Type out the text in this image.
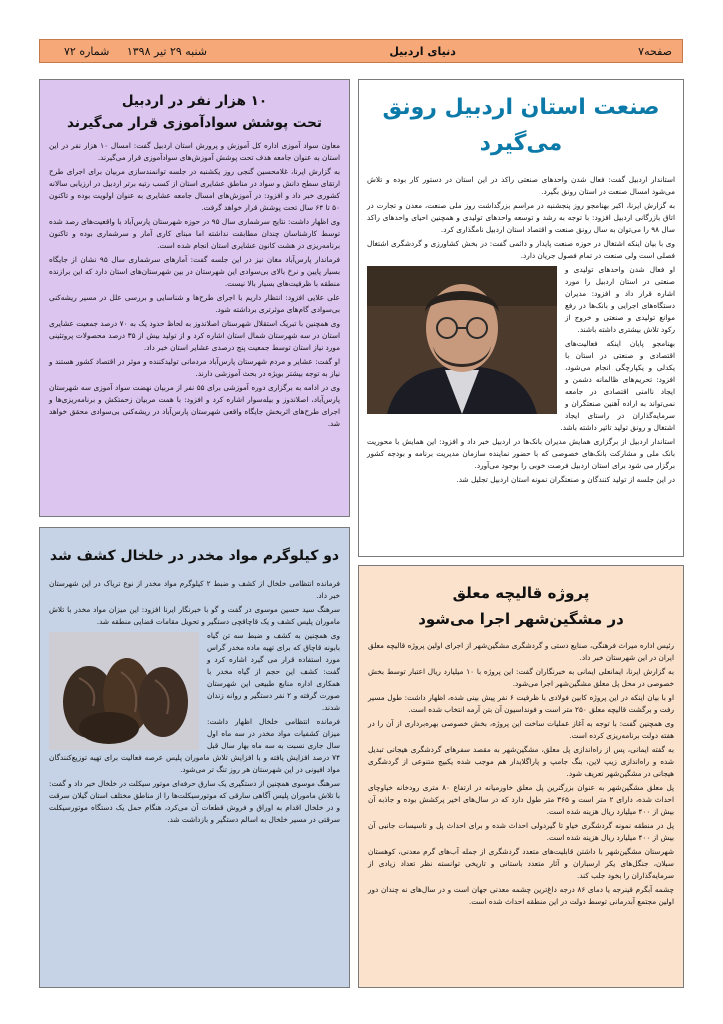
صفحه۷
دنیای اردبیل
شنبه ۲۹ تیر ۱۳۹۸ شماره ۷۲
صنعت استان اردبیل رونق می‌گیرد

استاندار اردبیل گفت: فعال شدن واحدهای صنعتی راکد در این استان در دستور کار بوده و تلاش می‌شود امسال صنعت در استان رونق بگیرد.

به گزارش ایرنا، اکبر بهنامجو روز پنجشنبه در مراسم بزرگداشت روز ملی صنعت، معدن و تجارت در اتاق بازرگانی اردبیل افزود: با توجه به رشد و توسعه واحدهای تولیدی و همچنین احیای واحدهای راکد سال ۹۸ را می‌توان به سال رونق صنعت و اقتصاد استان اردبیل نامگذاری کرد.

وی با بیان اینکه اشتغال در حوزه صنعت پایدار و دائمی گفت: در بخش کشاورزی و گردشگری اشتغال فصلی است ولی صنعت در تمام فصول جریان دارد.

او فعال شدن واحدهای تولیدی و صنعتی در استان اردبیل را مورد اشاره قرار داد و افزود: مدیران دستگاه‌های اجرایی و بانک‌ها در رفع موانع تولیدی و صنعتی و خروج از رکود تلاش بیشتری داشته باشند.

بهنامجو پایان اینکه فعالیت‌های اقتصادی و صنعتی در استان با یکدلی و یکپارچگی انجام می‌شود، افزود: تحریم‌های ظالمانه دشمن و ایجاد ناامنی اقتصادی در جامعه نمی‌تواند به اراده آهنین صنعتگران و سرمایه‌گذاران در راستای ایجاد اشتغال و رونق تولید تاثیر داشته باشد.

استاندار اردبیل از برگزاری همایش مدیران بانک‌ها در اردبیل خبر داد و افزود: این همایش با محوریت بانک ملی و مشارکت بانک‌های خصوصی که با حضور نماینده سازمان مدیریت برنامه و بودجه کشور برگزار می شود برای استان اردبیل فرصت خوبی را بوجود می‌آورد.

در این جلسه از تولید کنندگان و صنعتگران نمونه استان اردبیل تجلیل شد.

۱۰ هزار نفر در اردبیل
تحت پوشش سوادآموزی قرار می‌گیرند

معاون سواد آموزی اداره کل آموزش و پرورش استان اردبیل گفت: امسال ۱۰ هزار نفر در این استان به عنوان جامعه هدف تحت پوشش آموزش‌های سوادآموزی قرار می‌گیرند.

به گزارش ایرنا، غلامحسین گنجی روز یکشنبه در جلسه توانمندسازی مربیان برای اجرای طرح ارتقای سطح دانش و سواد در مناطق عشایری استان از کسب رتبه برتر اردبیل در ارزیابی سالانه کشوری خبر داد و افزود: در آموزش‌های امسال جامعه عشایری به عنوان اولویت بوده و تاکنون ۵۰ تا ۶۴ سال تحت پوشش قرار خواهد گرفت.

وی اظهار داشت: نتایج سرشماری سال ۹۵ در حوزه شهرستان پارس‌آباد با واقعیت‌های رصد شده توسط کارشناسان چندان مطابقت نداشته اما مبنای کاری آمار و سرشماری بوده و تاکنون برنامه‌ریزی در هشت کانون عشایری استان انجام شده است.

فرماندار پارس‌آباد مغان نیز در این جلسه گفت: آمارهای سرشماری سال ۹۵ نشان از جایگاه بسیار پایین و نرخ بالای بی‌سوادی این شهرستان در بین شهرستان‌های استان دارد که این برازنده منطقه با ظرفیت‌های بسیار بالا نیست.

علی علایی افزود: انتظار داریم با اجرای طرح‌ها و شناسایی و بررسی علل در مسیر ریشه‌کنی بی‌سوادی گام‌های موثرتری برداشته شود.

وی همچنین با تبریک استقلال شهرستان اصلاندوز به لحاظ حدود یک به ۷۰ درصد جمعیت عشایری استان در سه شهرستان شمال استان اشاره کرد و از تولید بیش از ۳۵ درصد محصولات پروتئینی مورد نیاز استان توسط جمعیت پنج درصدی عشایر استان خبر داد.

او گفت: عشایر و مردم شهرستان پارس‌آباد مردمانی تولیدکننده و موثر در اقتصاد کشور هستند و نیاز به توجه بیشتر بویژه در بحث آموزشی دارند.

وی در ادامه به برگزاری دوره آموزشی برای ۵۵ نفر از مربیان نهضت سواد آموزی سه شهرستان پارس‌آباد، اصلاندوز و بیله‌سوار اشاره کرد و افزود: با همت مربیان زحمتکش و برنامه‌ریزی‌ها و اجرای طرح‌های اثربخش جایگاه واقعی شهرستان پارس‌آباد در ریشه‌کنی بی‌سوادی محقق خواهد شد.

دو کیلوگرم مواد مخدر در خلخال کشف شد

فرمانده انتظامی خلخال از کشف و ضبط ۲ کیلوگرم مواد مخدر از نوع تریاک در این شهرستان خبر داد.

سرهنگ سید حسین موسوی در گفت و گو با خبرنگار ایرنا افزود: این میزان مواد مخدر با تلاش ماموران پلیس کشف و یک قاچاقچی دستگیر و تحویل مقامات قضایی منطقه شد.

وی همچنین به کشف و ضبط سه تن گیاه بابونه قاچاق که برای تهیه ماده مخدر گراس مورد استفاده قرار می گیرد اشاره کرد و گفت: کشف این حجم از گیاه مخدر با همکاری اداره منابع طبیعی این شهرستان صورت گرفته و ۲ نفر دستگیر و روانه زندان شدند.

فرمانده انتظامی خلخال اظهار داشت: میزان کشفیات مواد مخدر در سه ماه اول سال جاری نسبت به سه ماه بهار سال قبل ۷۴ درصد افزایش یافته و با افزایش تلاش ماموران پلیس عرصه فعالیت برای تهیه توزیع‌کنندگان مواد افیونی در این شهرستان هر روز تنگ تر می‌شود.

سرهنگ موسوی همچنین از دستگیری یک سارق حرفه‌ای موتور سیکلت در خلخال خبر داد و گفت: با تلاش ماموران پلیس آگاهی سارقی که موتورسیکلت‌ها را از مناطق مختلف استان گیلان سرقت و در خلخال اقدام به اوراق و فروش قطعات آن می‌کرد، هنگام حمل یک دستگاه موتورسیکلت سرقتی در مسیر خلخال به اسالم دستگیر و بازداشت شد.

پروژه قالیچه معلق
در مشگین‌شهر اجرا می‌شود

رئیس اداره میراث فرهنگی، صنایع دستی و گردشگری مشگین‌شهر از اجرای اولین پروژه قالیچه معلق ایران در این شهرستان خبر داد.

به گزارش ایرنا، ایمانعلی ایمانی به خبرنگاران گفت: این پروژه با ۱۰ میلیارد ریال اعتبار توسط بخش خصوصی در محل پل معلق مشگین‌شهر اجرا می‌شود.

او با بیان اینکه در این پروژه کابین فولادی با ظرفیت ۶ نفر پیش بینی شده، اظهار داشت: طول مسیر رفت و برگشت قالیچه معلق ۲۵۰ متر است و فونداسیون آن بتن آرمه انتخاب شده است.

وی همچنین گفت: با توجه به آغاز عملیات ساخت این پروژه، بخش خصوصی بهره‌برداری از آن را در هفته دولت برنامه‌ریزی کرده است.

به گفته ایمانی، پس از راه‌اندازی پل معلق، مشگین‌شهر به مقصد سفرهای گردشگری هیجانی تبدیل شده و راه‌اندازی زیپ لاین، بنگ جامپ و پاراگلایدار هم موجب شده یکبیج متنوعی از گردشگری هیجانی در مشگین‌شهر تعریف شود.

پل معلق مشگین‌شهر به عنوان بزرگترین پل معلق خاورمیانه در ارتفاع ۸۰ متری رودخانه خیاوچای احداث شده، دارای ۲ متر است و ۳۶۵ متر طول دارد که در سال‌های اخیر پرکشش بوده و جاذبه آن بیش از ۴۰۰ میلیارد ریال هزینه شده است.

پل در منطقه نمونه گردشگری خیاو تا گیردولی احداث شده و برای احداث پل و تاسیسات جانبی آن بیش از ۴۰۰ میلیارد ریال هزینه شده است.

شهرستان مشگین‌شهر با داشتن قابلیت‌های متعدد گردشگری از جمله آب‌های گرم معدنی، کوهستان سبلان، جنگل‌های یکر ارسباران و آثار متعدد باستانی و تاریخی توانسته نظر تعداد زیادی از سرمایه‌گذاران را بخود جلب کند.

چشمه آبگرم قینرجه یا دمای ۸۶ درجه داغ‌ترین چشمه معدنی جهان است و در سال‌های نه چندان دور اولین مجتمع آبدرمانی توسط دولت در این منطقه احداث شده است.
